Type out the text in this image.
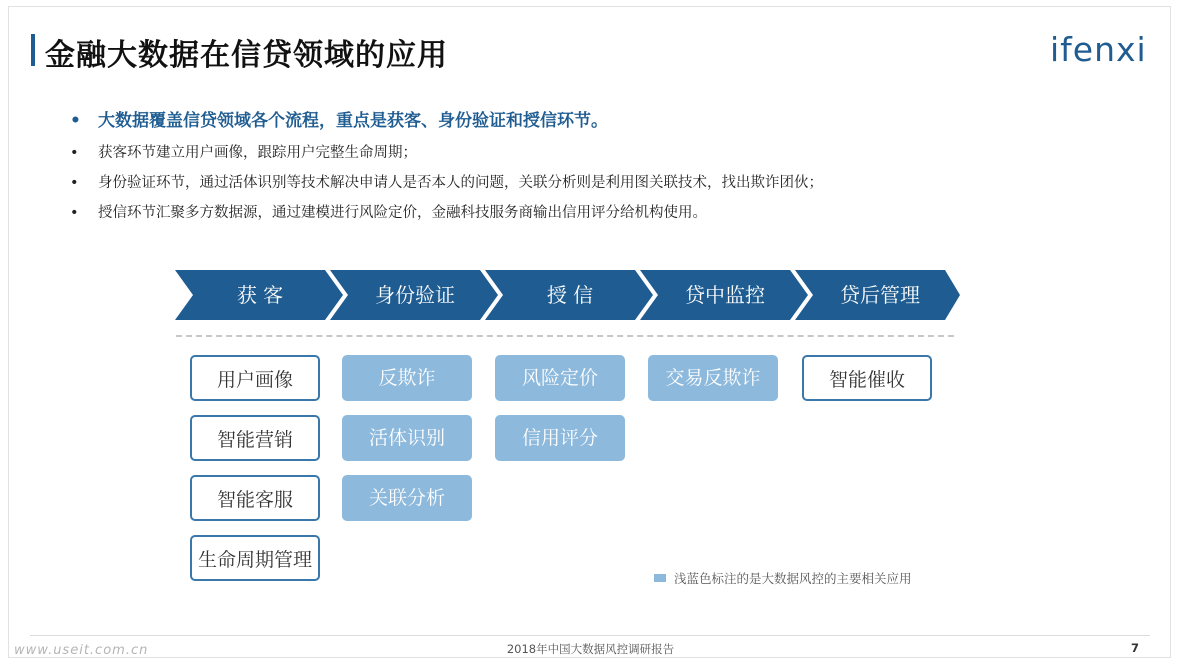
金融大数据在信贷领域的应用	ifenxi
• 大数据覆盖信贷领域各个流程，重点是获客、身份验证和授信环节。
• 获客环节建立用户画像，跟踪用户完整生命周期；
• 身份验证环节，通过活体识别等技术解决申请人是否本人的问题，关联分析则是利用图关联技术，找出欺诈团伙；
• 授信环节汇聚多方数据源，通过建模进行风险定价，金融科技服务商输出信用评分给机构使用。
获 客	身份验证	授 信	贷中监控	贷后管理
用户画像
智能营销
智能客服
生命周期管理
反欺诈
活体识别
关联分析
风险定价
信用评分
交易反欺诈	智能催收
浅蓝色标注的是大数据风控的主要相关应用
2018年中国大数据风控调研报告	7
www.useit.com.cn
